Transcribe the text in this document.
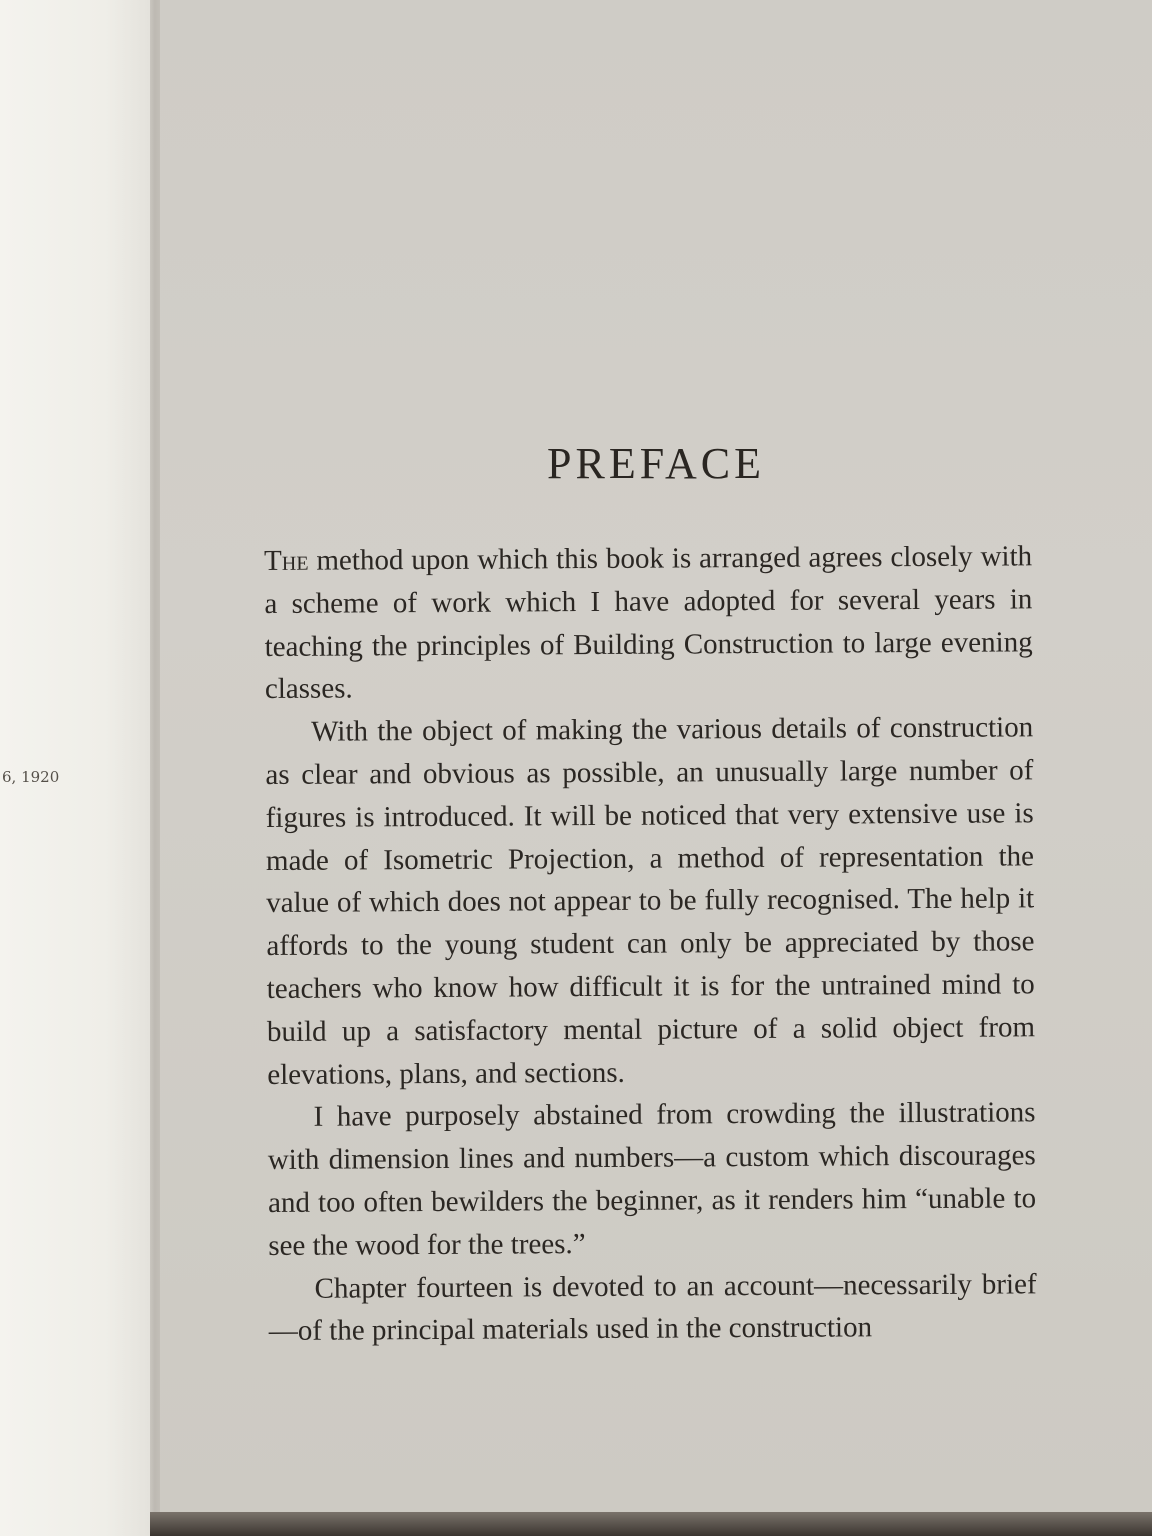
6, 1920
PREFACE

The method upon which this book is arranged agrees closely with a scheme of work which I have adopted for several years in teaching the principles of Building Construction to large evening classes.

With the object of making the various details of construction as clear and obvious as possible, an unusually large number of figures is introduced. It will be noticed that very extensive use is made of Isometric Projection, a method of representation the value of which does not appear to be fully recognised. The help it affords to the young student can only be appreciated by those teachers who know how difficult it is for the untrained mind to build up a satisfactory mental picture of a solid object from elevations, plans, and sections.

I have purposely abstained from crowding the illustrations with dimension lines and numbers—a custom which discourages and too often bewilders the beginner, as it renders him “unable to see the wood for the trees.”

Chapter fourteen is devoted to an account—necessarily brief—of the principal materials used in the construction
